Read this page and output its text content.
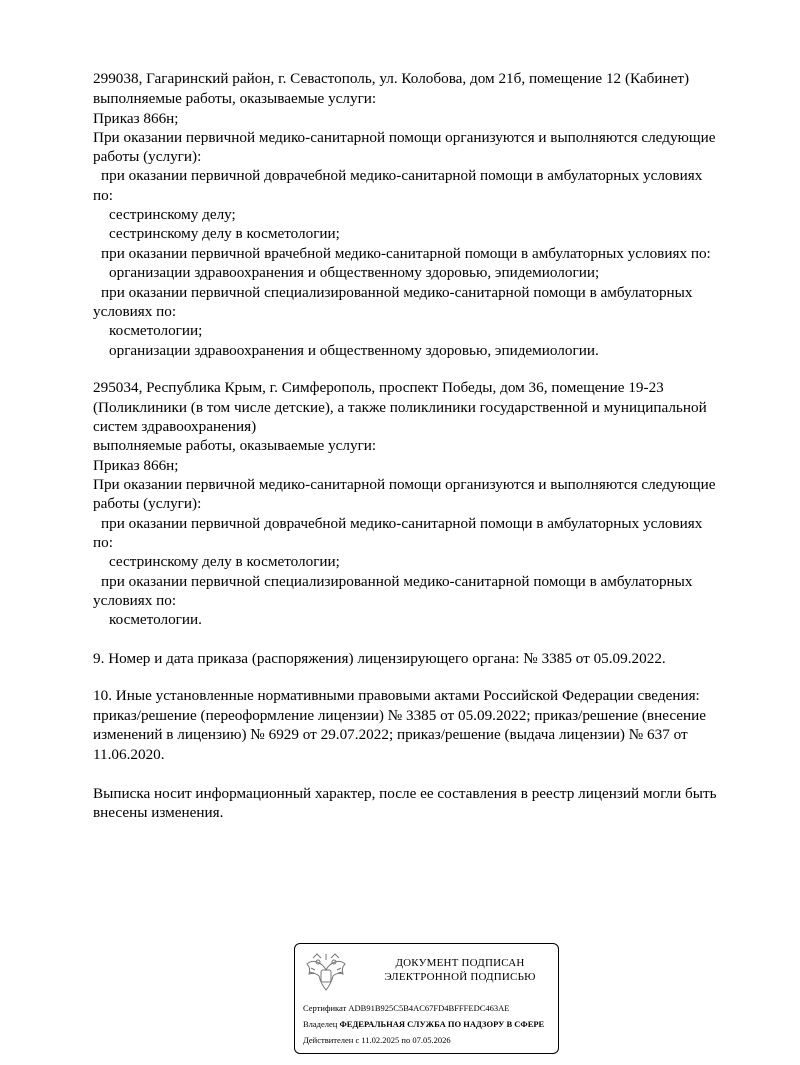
299038, Гагаринский район, г. Севастополь, ул. Колобова, дом 21б, помещение 12 (Кабинет)
выполняемые работы, оказываемые услуги:
Приказ 866н;
При оказании первичной медико-санитарной помощи организуются и выполняются следующие
работы (услуги):
при оказании первичной доврачебной медико-санитарной помощи в амбулаторных условиях
по:
сестринскому делу;
сестринскому делу в косметологии;
при оказании первичной врачебной медико-санитарной помощи в амбулаторных условиях по:
организации здравоохранения и общественному здоровью, эпидемиологии;
при оказании первичной специализированной медико-санитарной помощи в амбулаторных
условиях по:
косметологии;
организации здравоохранения и общественному здоровью, эпидемиологии.
295034, Республика Крым, г. Симферополь, проспект Победы, дом 36, помещение 19-23
(Поликлиники (в том числе детские), а также поликлиники государственной и муниципальной
систем здравоохранения)
выполняемые работы, оказываемые услуги:
Приказ 866н;
При оказании первичной медико-санитарной помощи организуются и выполняются следующие
работы (услуги):
при оказании первичной доврачебной медико-санитарной помощи в амбулаторных условиях
по:
сестринскому делу в косметологии;
при оказании первичной специализированной медико-санитарной помощи в амбулаторных
условиях по:
косметологии.
9. Номер и дата приказа (распоряжения) лицензирующего органа: № 3385 от 05.09.2022.
10. Иные установленные нормативными правовыми актами Российской Федерации сведения:
приказ/решение (переоформление лицензии) № 3385 от 05.09.2022; приказ/решение (внесение
изменений в лицензию) № 6929 от 29.07.2022; приказ/решение (выдача лицензии) № 637 от
11.06.2020.
Выписка носит информационный характер, после ее составления в реестр лицензий могли быть
внесены изменения.
ДОКУМЕНТ ПОДПИСАН
ЭЛЕКТРОННОЙ ПОДПИСЬЮ
Сертификат ADB91B925C5B4AC67FD4BFFFEDC463AE
Владелец ФЕДЕРАЛЬНАЯ СЛУЖБА ПО НАДЗОРУ В СФЕРЕ
Действителен с 11.02.2025 по 07.05.2026
